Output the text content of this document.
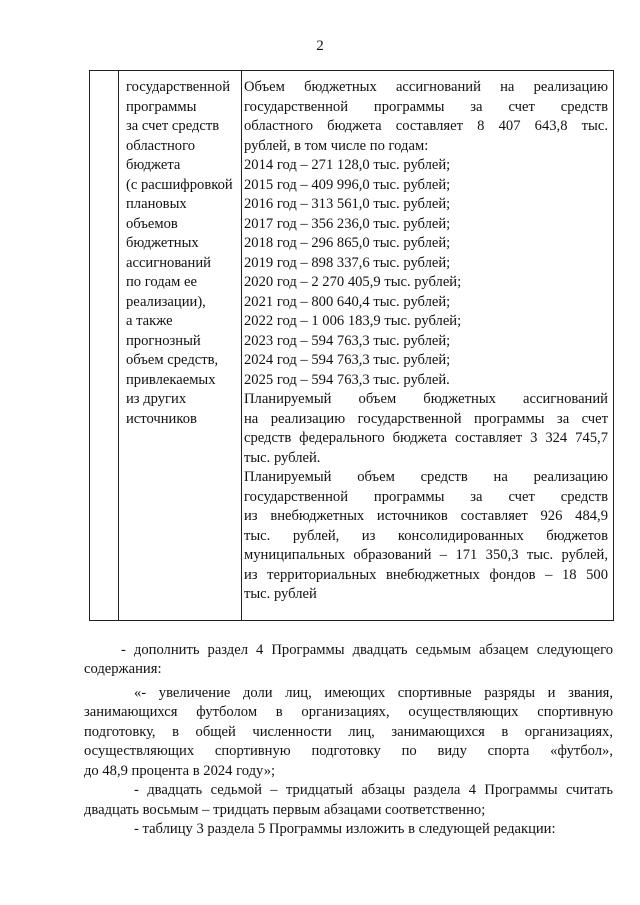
2
государственной
программы
за счет средств
областного
бюджета
(с расшифровкой
плановых
объемов
бюджетных
ассигнований
по годам ее
реализации),
а также
прогнозный
объем средств,
привлекаемых
из других
источников
Объем бюджетных ассигнований на реализацию
государственной программы за счет средств
областного бюджета составляет 8 407 643,8 тыс.
рублей, в том числе по годам:
2014 год – 271 128,0 тыс. рублей;
2015 год – 409 996,0 тыс. рублей;
2016 год – 313 561,0 тыс. рублей;
2017 год – 356 236,0 тыс. рублей;
2018 год – 296 865,0 тыс. рублей;
2019 год – 898 337,6 тыс. рублей;
2020 год – 2 270 405,9 тыс. рублей;
2021 год – 800 640,4 тыс. рублей;
2022 год – 1 006 183,9 тыс. рублей;
2023 год – 594 763,3 тыс. рублей;
2024 год – 594 763,3 тыс. рублей;
2025 год – 594 763,3 тыс. рублей.
Планируемый объем бюджетных ассигнований
на реализацию государственной программы за счет
средств федерального бюджета составляет 3 324 745,7
тыс. рублей.
Планируемый объем средств на реализацию
государственной программы за счет средств
из внебюджетных источников составляет 926 484,9
тыс. рублей, из консолидированных бюджетов
муниципальных образований – 171 350,3 тыс. рублей,
из территориальных внебюджетных фондов – 18 500
тыс. рублей
- дополнить раздел 4 Программы двадцать седьмым абзацем следующего
содержания:
«- увеличение доли лиц, имеющих спортивные разряды и звания,
занимающихся футболом в организациях, осуществляющих спортивную
подготовку, в общей численности лиц, занимающихся в организациях,
осуществляющих спортивную подготовку по виду спорта «футбол»,
до 48,9 процента в 2024 году»;
- двадцать седьмой – тридцатый абзацы раздела 4 Программы считать
двадцать восьмым – тридцать первым абзацами соответственно;
- таблицу 3 раздела 5 Программы изложить в следующей редакции:
